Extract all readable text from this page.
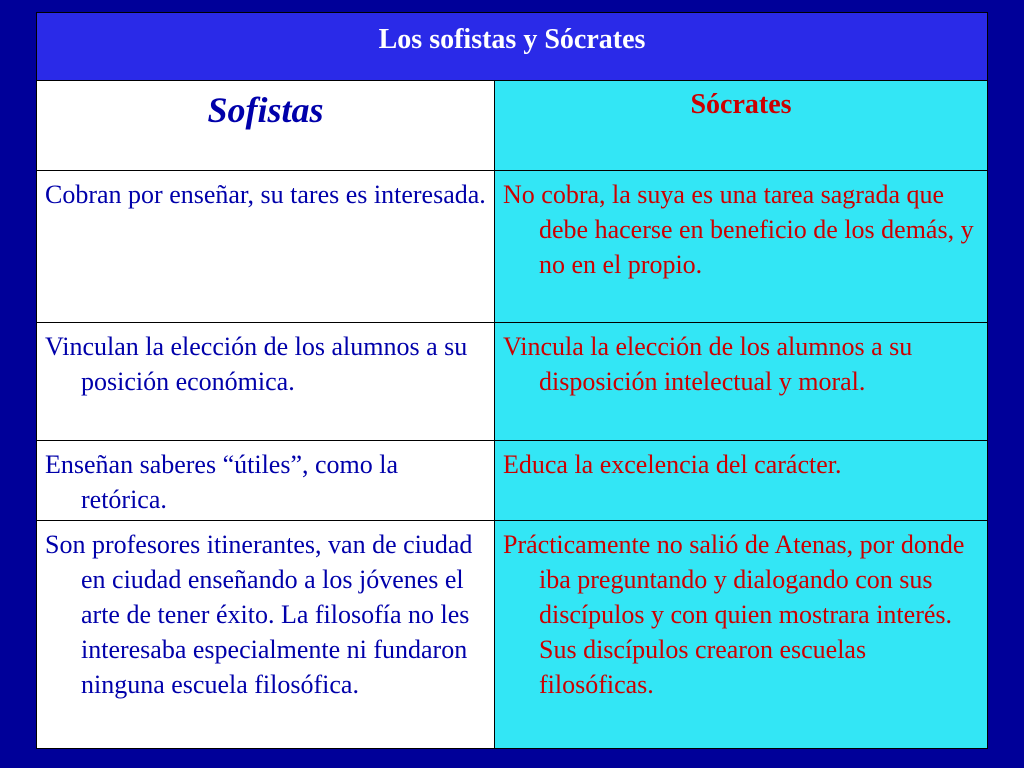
Los sofistas y Sócrates	

Sofistas	Sócrates

Cobran por enseñar, su tares es interesada.	No cobra, la suya es una tarea sagrada que debe hacerse en beneficio de los demás, y no en el propio.

Vinculan la elección de los alumnos a su posición económica.	Vincula la elección de los alumnos a su disposición intelectual y moral.

Enseñan saberes “útiles”, como la retórica.	Educa la excelencia del carácter.

Son profesores itinerantes, van de ciudad en ciudad enseñando a los jóvenes el arte de tener éxito. La filosofía no les interesaba especialmente ni fundaron ninguna escuela filosófica.	Prácticamente no salió de Atenas, por donde iba preguntando y dialogando con sus discípulos y con quien mostrara interés. Sus discípulos crearon escuelas filosóficas.
